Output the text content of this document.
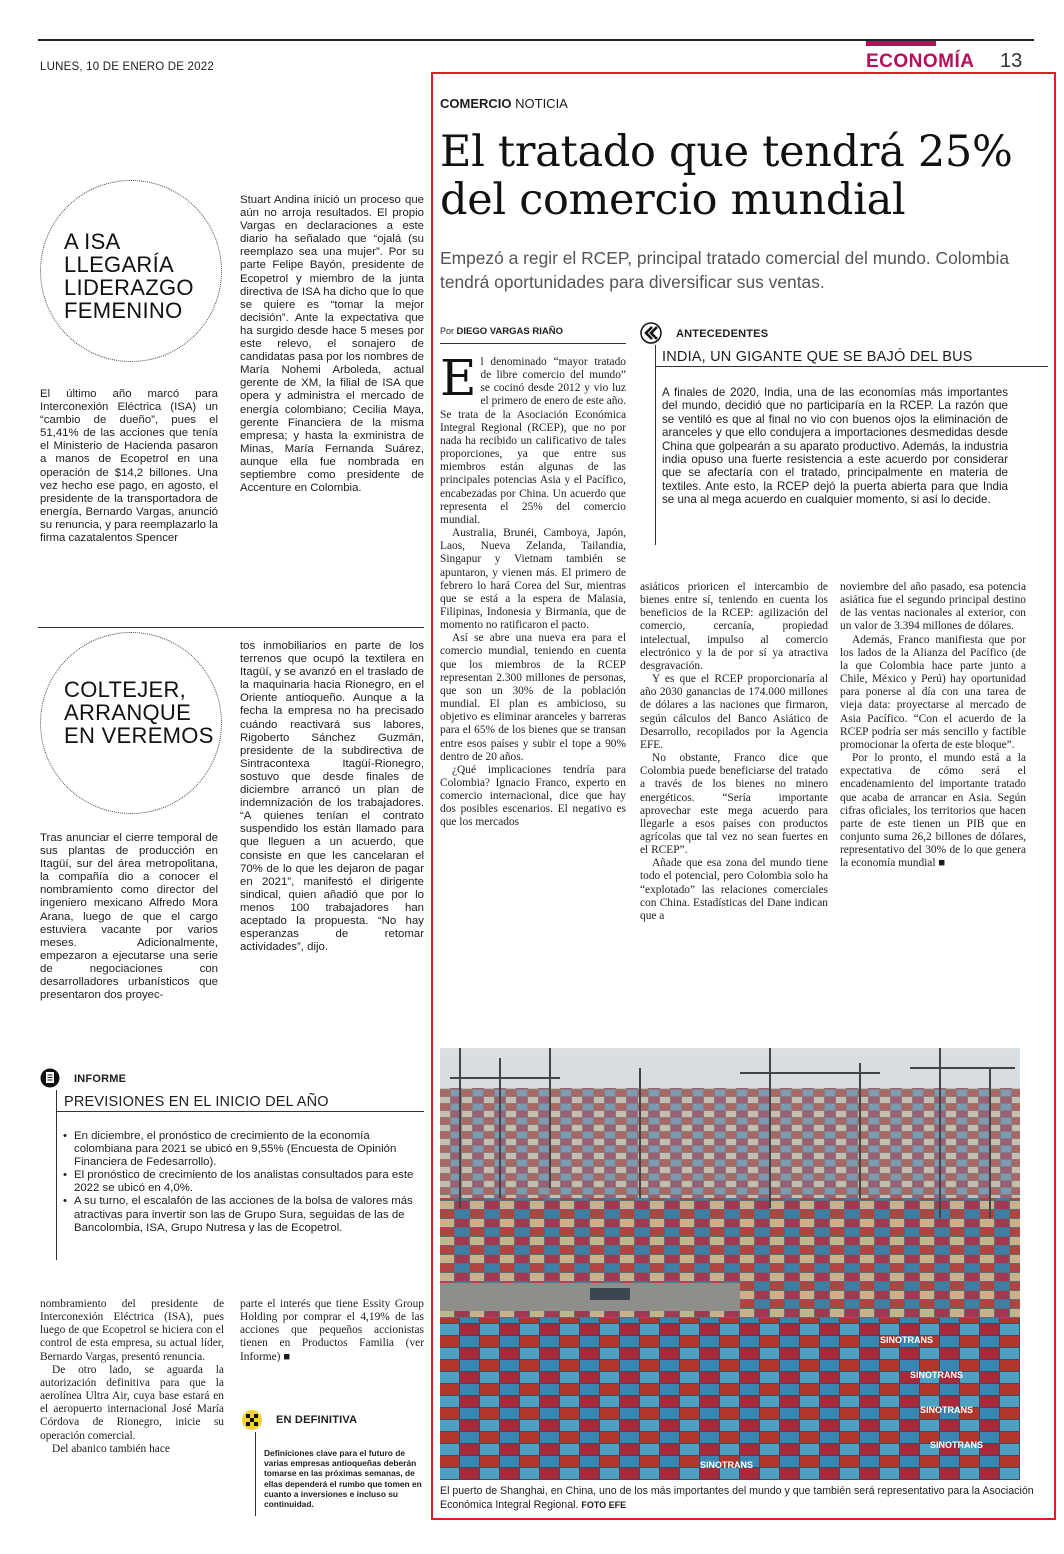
LUNES, 10 DE ENERO DE 2022	ECONOMÍA 13
A ISA LLEGARÍA LIDERAZGO FEMENINO
El último año marcó para Interconexión Eléctrica (ISA) un “cambio de dueño”, pues el 51,41% de las acciones que tenía el Ministerio de Hacienda pasaron a manos de Ecopetrol en una operación de $14,2 billones. Una vez hecho ese pago, en agosto, el presidente de la transportadora de energía, Bernardo Vargas, anunció su renuncia, y para reemplazarlo la firma cazatalentos Spencer
Stuart Andina inició un proceso que aún no arroja resultados. El propio Vargas en declaraciones a este diario ha señalado que “ojalá (su reemplazo sea una mujer”. Por su parte Felipe Bayón, presidente de Ecopetrol y miembro de la junta directiva de ISA ha dicho que lo que se quiere es “tomar la mejor decisión”. Ante la expectativa que ha surgido desde hace 5 meses por este relevo, el sonajero de candidatas pasa por los nombres de María Nohemi Arboleda, actual gerente de XM, la filial de ISA que opera y administra el mercado de energía colombiano; Cecilia Maya, gerente Financiera de la misma empresa; y hasta la exministra de Minas, María Fernanda Suárez, aunque ella fue nombrada en septiembre como presidente de Accenture en Colombia.
COLTEJER, ARRANQUE EN VEREMOS
Tras anunciar el cierre temporal de sus plantas de producción en Itagüí, sur del área metropolitana, la compañía dio a conocer el nombramiento como director del ingeniero mexicano Alfredo Mora Arana, luego de que el cargo estuviera vacante por varios meses. Adicionalmente, empezaron a ejecutarse una serie de negociaciones con desarrolladores urbanísticos que presentaron dos proyec-
tos inmobiliarios en parte de los terrenos que ocupó la textilera en Itagüí, y se avanzó en el traslado de la maquinaria hacia Rionegro, en el Oriente antioqueño. Aunque a la fecha la empresa no ha precisado cuándo reactivará sus labores, Rigoberto Sánchez Guzmán, presidente de la subdirectiva de Sintracontexa Itagüí-Rionegro, sostuvo que desde finales de diciembre arrancó un plan de indemnización de los trabajadores. “A quienes tenían el contrato suspendido los están llamado para que lleguen a un acuerdo, que consiste en que les cancelaran el 70% de lo que les dejaron de pagar en 2021”, manifestó el dirigente sindical, quien añadió que por lo menos 100 trabajadores han aceptado la propuesta. “No hay esperanzas de retomar actividades”, dijo.
INFORME
PREVISIONES EN EL INICIO DEL AÑO
• En diciembre, el pronóstico de crecimiento de la economía colombiana para 2021 se ubicó en 9,55% (Encuesta de Opinión Financiera de Fedesarrollo).
• El pronóstico de crecimiento de los analistas consultados para este 2022 se ubicó en 4,0%.
• A su turno, el escalafón de las acciones de la bolsa de valores más atractivas para invertir son las de Grupo Sura, seguidas de las de Bancolombia, ISA, Grupo Nutresa y las de Ecopetrol.

nombramiento del presidente de Interconexión Eléctrica (ISA), pues luego de que Ecopetrol se hiciera con el control de esta empresa, su actual líder, Bernardo Vargas, presentó renuncia.

De otro lado, se aguarda la autorización definitiva para que la aerolínea Ultra Air, cuya base estará en el aeropuerto internacional José María Córdova de Rionegro, inicie su operación comercial.

Del abanico también hace

parte el interés que tiene Essity Group Holding por comprar el 4,19% de las acciones que pequeños accionistas tienen en Productos Familia (ver Informe) ■

EN DEFINITIVA
Definiciones clave para el futuro de varias empresas antioqueñas deberán tomarse en las próximas semanas, de ellas dependerá el rumbo que tomen en cuanto a inversiones e incluso su continuidad.
COMERCIO NOTICIA
El tratado que tendrá 25% del comercio mundial
Empezó a regir el RCEP, principal tratado comercial del mundo. Colombia tendrá oportunidades para diversificar sus ventas.
Por DIEGO VARGAS RIAÑO

El denominado “mayor tratado de libre comercio del mundo” se cocinó desde 2012 y vio luz el primero de enero de este año. Se trata de la Asociación Económica Integral Regional (RCEP), que no por nada ha recibido un calificativo de tales proporciones, ya que entre sus miembros están algunas de las principales potencias Asia y el Pacífico, encabezadas por China. Un acuerdo que representa el 25% del comercio mundial.

Australia, Brunéi, Camboya, Japón, Laos, Nueva Zelanda, Tailandia, Singapur y Vietnam también se apuntaron, y vienen más. El primero de febrero lo hará Corea del Sur, mientras que se está a la espera de Malasia, Filipinas, Indonesia y Birmania, que de momento no ratificaron el pacto.

Así se abre una nueva era para el comercio mundial, teniendo en cuenta que los miembros de la RCEP representan 2.300 millones de personas, que son un 30% de la población mundial. El plan es ambicioso, su objetivo es eliminar aranceles y barreras para el 65% de los bienes que se transan entre esos países y subir el tope a 90% dentro de 20 años.

¿Qué implicaciones tendría para Colombia? Ignacio Franco, experto en comercio internacional, dice que hay dos posibles escenarios. El negativo es que los mercados

ANTECEDENTES
INDIA, UN GIGANTE QUE SE BAJÓ DEL BUS
A finales de 2020, India, una de las economías más importantes del mundo, decidió que no participaría en la RCEP. La razón que se ventiló es que al final no vio con buenos ojos la eliminación de aranceles y que ello condujera a importaciones desmedidas desde China que golpearán a su aparato productivo. Además, la industria india opuso una fuerte resistencia a este acuerdo por considerar que se afectaría con el tratado, principalmente en materia de textiles. Ante esto, la RCEP dejó la puerta abierta para que India se una al mega acuerdo en cualquier momento, si así lo decide.

asiáticos prioricen el intercambio de bienes entre sí, teniendo en cuenta los beneficios de la RCEP: agilización del comercio, cercanía, propiedad intelectual, impulso al comercio electrónico y la de por sí ya atractiva desgravación.

Y es que el RCEP proporcionaría al año 2030 ganancias de 174.000 millones de dólares a las naciones que firmaron, según cálculos del Banco Asiático de Desarrollo, recopilados por la Agencia EFE.

No obstante, Franco dice que Colombia puede beneficiarse del tratado a través de los bienes no minero energéticos. “Sería importante aprovechar este mega acuerdo para llegarle a esos países con productos agrícolas que tal vez no sean fuertes en el RCEP”.

Añade que esa zona del mundo tiene todo el potencial, pero Colombia solo ha “explotado” las relaciones comerciales con China. Estadísticas del Dane indican que a

noviembre del año pasado, esa potencia asiática fue el segundo principal destino de las ventas nacionales al exterior, con un valor de 3.394 millones de dólares.

Además, Franco manifiesta que por los lados de la Alianza del Pacífico (de la que Colombia hace parte junto a Chile, México y Perú) hay oportunidad para ponerse al día con una tarea de vieja data: proyectarse al mercado de Asia Pacífico. “Con el acuerdo de la RCEP podría ser más sencillo y factible promocionar la oferta de este bloque”.

Por lo pronto, el mundo está a la expectativa de cómo será el encadenamiento del importante tratado que acaba de arrancar en Asia. Según cifras oficiales, los territorios que hacen parte de este tienen un PIB que en conjunto suma 26,2 billones de dólares, representativo del 30% de lo que genera la economía mundial ■

SINOTRANS
SINOTRANS
SINOTRANS
SINOTRANS
SINOTRANS
El puerto de Shanghai, en China, uno de los más importantes del mundo y que también será representativo para la Asociación Económica Integral Regional. FOTO EFE
